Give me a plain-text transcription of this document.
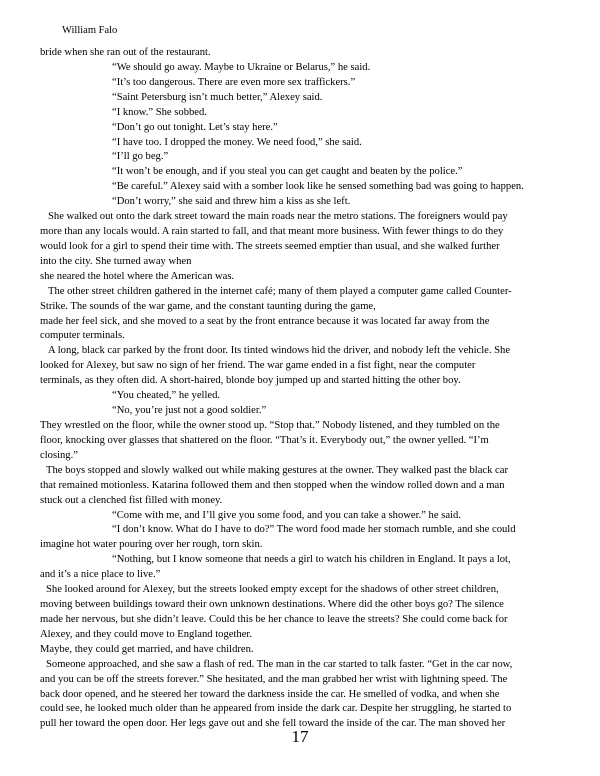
William Falo
bride when she ran out of the restaurant.
“We should go away. Maybe to Ukraine or Belarus,” he said.
“It’s too dangerous. There are even more sex traffickers.”
“Saint Petersburg isn’t much better,” Alexey said.
“I know.” She sobbed.
“Don’t go out tonight. Let’s stay here.”
“I have too. I dropped the money. We need food,” she said.
“I’ll go beg.”
“It won’t be enough, and if you steal you can get caught and beaten by the police.”
“Be careful.” Alexey said with a somber look like he sensed something bad was going to happen.
“Don’t worry,” she said and threw him a kiss as she left.
She walked out onto the dark street toward the main roads near the metro stations. The foreigners would pay
more than any locals would. A rain started to fall, and that meant more business. With fewer things to do they
would look for a girl to spend their time with. The streets seemed emptier than usual, and she walked further
into the city. She turned away when
she neared the hotel where the American was.
The other street children gathered in the internet café; many of them played a computer game called Counter-
Strike. The sounds of the war game, and the constant taunting during the game,
made her feel sick, and she moved to a seat by the front entrance because it was located far away from the
computer terminals.
A long, black car parked by the front door. Its tinted windows hid the driver, and nobody left the vehicle. She
looked for Alexey, but saw no sign of her friend. The war game ended in a fist fight, near the computer
terminals, as they often did. A short-haired, blonde boy jumped up and started hitting the other boy.
“You cheated,” he yelled.
“No, you’re just not a good soldier.”
They wrestled on the floor, while the owner stood up. “Stop that.” Nobody listened, and they tumbled on the
floor, knocking over glasses that shattered on the floor. “That’s it. Everybody out,” the owner yelled. “I’m
closing.”
The boys stopped and slowly walked out while making gestures at the owner. They walked past the black car
that remained motionless. Katarina followed them and then stopped when the window rolled down and a man
stuck out a clenched fist filled with money.
“Come with me, and I’ll give you some food, and you can take a shower.” he said.
“I don’t know. What do I have to do?” The word food made her stomach rumble, and she could
imagine hot water pouring over her rough, torn skin.
“Nothing, but I know someone that needs a girl to watch his children in England. It pays a lot,
and it’s a nice place to live.”
She looked around for Alexey, but the streets looked empty except for the shadows of other street children,
moving between buildings toward their own unknown destinations. Where did the other boys go? The silence
made her nervous, but she didn’t leave. Could this be her chance to leave the streets? She could come back for
Alexey, and they could move to England together.
Maybe, they could get married, and have children.
Someone approached, and she saw a flash of red. The man in the car started to talk faster. “Get in the car now,
and you can be off the streets forever.” She hesitated, and the man grabbed her wrist with lightning speed. The
back door opened, and he steered her toward the darkness inside the car. He smelled of vodka, and when she
could see, he looked much older than he appeared from inside the dark car. Despite her struggling, he started to
pull her toward the open door. Her legs gave out and she fell toward the inside of the car. The man shoved her
17
